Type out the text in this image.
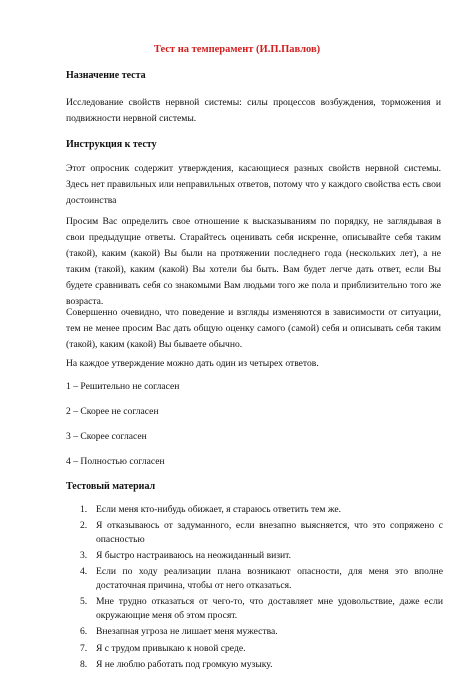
Тест на темперамент (И.П.Павлов)
Назначение теста
Исследование свойств нервной системы: силы процессов возбуждения, торможения и подвижности нервной системы.
Инструкция к тесту
Этот опросник содержит утверждения, касающиеся разных свойств нервной системы. Здесь нет правильных или неправильных ответов, потому что у каждого свойства есть свои достоинства
Просим Вас определить свое отношение к высказываниям по порядку, не заглядывая в свои предыдущие ответы. Старайтесь оценивать себя искренне, описывайте себя таким (такой), каким (какой) Вы были на протяжении последнего года (нескольких лет), а не таким (такой), каким (какой) Вы хотели бы быть. Вам будет легче дать ответ, если Вы будете сравнивать себя со знакомыми Вам людьми того же пола и приблизительно того же возраста.
Совершенно очевидно, что поведение и взгляды изменяются в зависимости от ситуации, тем не менее просим Вас дать общую оценку самого (самой) себя и описывать себя таким (такой), каким (какой) Вы бываете обычно.
На каждое утверждение можно дать один из четырех ответов.
1 – Решительно не согласен
2 – Скорее не согласен
3 – Скорее согласен
4 – Полностью согласен
Тестовый материал
1. Если меня кто-нибудь обижает, я стараюсь ответить тем же.
2. Я отказываюсь от задуманного, если внезапно выясняется, что это сопряжено с опасностью
3. Я быстро настраиваюсь на неожиданный визит.
4. Если по ходу реализации плана возникают опасности, для меня это вполне достаточная причина, чтобы от него отказаться.
5. Мне трудно отказаться от чего-то, что доставляет мне удовольствие, даже если окружающие меня об этом просят.
6. Внезапная угроза не лишает меня мужества.
7. Я с трудом привыкаю к новой среде.
8. Я не люблю работать под громкую музыку.
